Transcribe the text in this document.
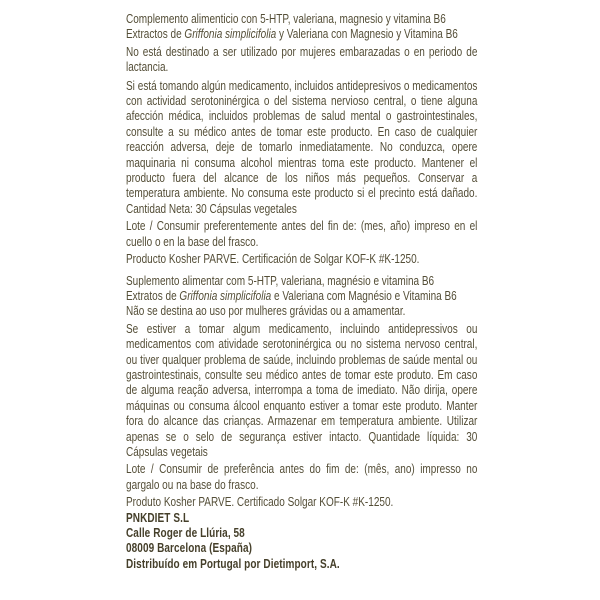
Complemento alimenticio con 5-HTP, valeriana, magnesio y vitamina B6

Extractos de Griffonia simplicifolia y Valeriana con Magnesio y Vitamina B6

No está destinado a ser utilizado por mujeres embarazadas o en periodo de lactancia.

Si está tomando algún medicamento, incluidos antidepresivos o medicamentos con actividad serotoninérgica o del sistema nervioso central, o tiene alguna afección médica, incluidos problemas de salud mental o gastrointestinales, consulte a su médico antes de tomar este producto. En caso de cualquier reacción adversa, deje de tomarlo inmediatamente. No conduzca, opere maquinaria ni consuma alcohol mientras toma este producto. Mantener el producto fuera del alcance de los niños más pequeños. Conservar a temperatura ambiente. No consuma este producto si el precinto está dañado. Cantidad Neta: 30 Cápsulas vegetales

Lote / Consumir preferentemente antes del fin de: (mes, año) impreso en el cuello o en la base del frasco.

Producto Kosher PARVE. Certificación de Solgar KOF-K #K-1250.

Suplemento alimentar com 5-HTP, valeriana, magnésio e vitamina B6

Extratos de Griffonia simplicifolia e Valeriana com Magnésio e Vitamina B6

Não se destina ao uso por mulheres grávidas ou a amamentar.

Se estiver a tomar algum medicamento, incluindo antidepressivos ou medicamentos com atividade serotoninérgica ou no sistema nervoso central, ou tiver qualquer problema de saúde, incluindo problemas de saúde mental ou gastrointestinais, consulte seu médico antes de tomar este produto. Em caso de alguma reação adversa, interrompa a toma de imediato. Não dirija, opere máquinas ou consuma álcool enquanto estiver a tomar este produto. Manter fora do alcance das crianças. Armazenar em temperatura ambiente. Utilizar apenas se o selo de segurança estiver intacto. Quantidade líquida: 30 Cápsulas vegetais

Lote / Consumir de preferência antes do fim de: (mês, ano) impresso no gargalo ou na base do frasco.

Produto Kosher PARVE. Certificado Solgar KOF-K #K-1250.

PNKDIET S.L

Calle Roger de Llúria, 58

08009 Barcelona (España)

Distribuído em Portugal por Dietimport, S.A.
